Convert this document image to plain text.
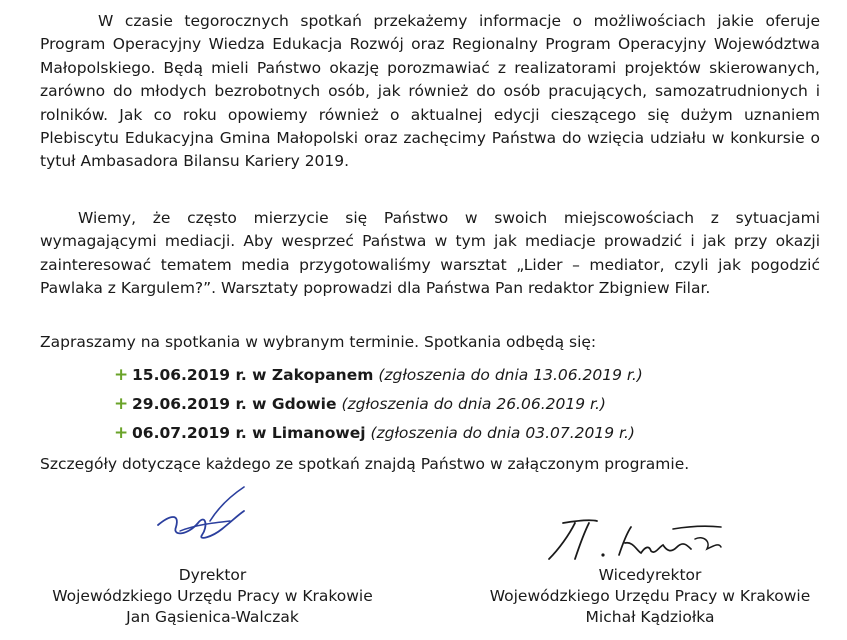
W czasie tegorocznych spotkań przekażemy informacje o możliwościach jakie oferuje Program Operacyjny Wiedza Edukacja Rozwój oraz Regionalny Program Operacyjny Województwa Małopolskiego. Będą mieli Państwo okazję porozmawiać z realizatorami projektów skierowanych, zarówno do młodych bezrobotnych osób, jak również do osób pracujących, samozatrudnionych i rolników. Jak co roku opowiemy również o aktualnej edycji cieszącego się dużym uznaniem Plebiscytu Edukacyjna Gmina Małopolski oraz zachęcimy Państwa do wzięcia udziału w konkursie o tytuł Ambasadora Bilansu Kariery 2019.

Wiemy, że często mierzycie się Państwo w swoich miejscowościach z sytuacjami wymagającymi mediacji. Aby wesprzeć Państwa w tym jak mediacje prowadzić i jak przy okazji zainteresować tematem media przygotowaliśmy warsztat „Lider – mediator, czyli jak pogodzić Pawlaka z Kargulem?”. Warsztaty poprowadzi dla Państwa Pan redaktor Zbigniew Filar.

Zapraszamy na spotkania w wybranym terminie. Spotkania odbędą się:

+ 15.06.2019 r. w Zakopanem (zgłoszenia do dnia 13.06.2019 r.)
+ 29.06.2019 r. w Gdowie (zgłoszenia do dnia 26.06.2019 r.)
+ 06.07.2019 r. w Limanowej (zgłoszenia do dnia 03.07.2019 r.)

Szczegóły dotyczące każdego ze spotkań znajdą Państwo w załączonym programie.

Dyrektor
Wojewódzkiego Urzędu Pracy w Krakowie
Jan Gąsienica-Walczak
Wicedyrektor
Wojewódzkiego Urzędu Pracy w Krakowie
Michał Kądziołka
